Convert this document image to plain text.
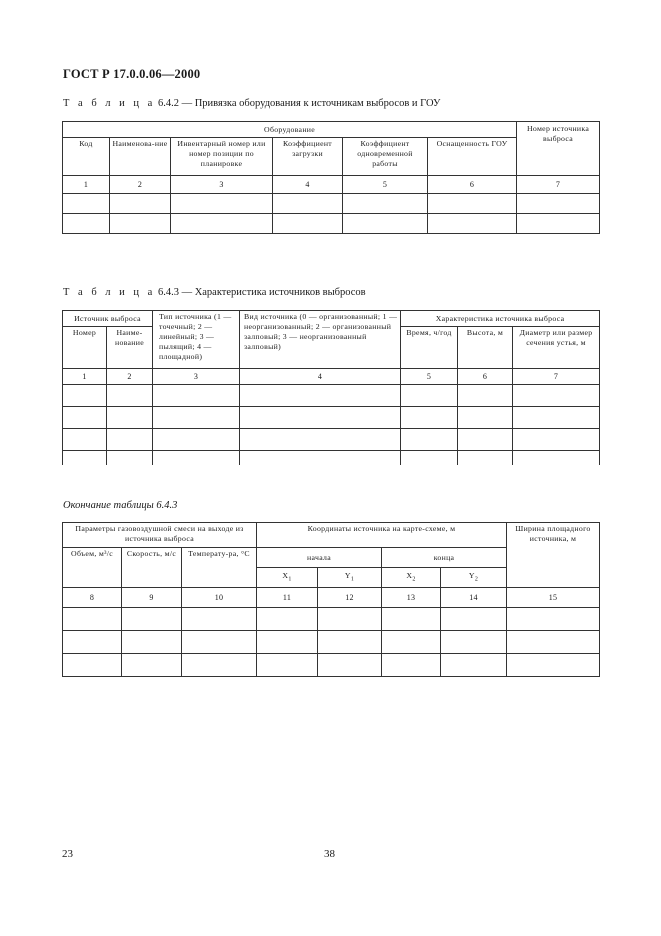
ГОСТ Р 17.0.0.06—2000
Т а б л и ц а 6.4.2 — Привязка оборудования к источникам выбросов и ГОУ
Оборудование						Номер источника выброса
Код	Наименова-ние	Инвентарный номер или номер позиции по планировке	Коэффициент загрузки	Коэффициент одновременной работы	Оснащенность ГОУ	
1	2	3	4	5	6	7

Т а б л и ц а 6.4.3 — Характеристика источников выбросов
Источник выброса		Тип источника (1 — точечный; 2 — линейный; 3 — пылящий; 4 — площадной)	Вид источника (0 — организованный; 1 — неорганизованный; 2 — организованный залповый; 3 — неорганизованный залповый)	Характеристика источника выброса		
Номер	Наиме-нование			Время, ч/год	Высота, м	Диаметр или размер сечения устья, м
1	2	3	4	5	6	7

Окончание таблицы 6.4.3
Параметры газовоздушной смеси на выходе из источника выброса			Координаты источника на карте-схеме, м				Ширина площадного источника, м
Объем, м³/с	Скорость, м/с	Температу-ра, °С	начала		конца		
			$X_1$	$Y_1$	$X_2$	$Y_2$
8	9	10	11	12	13	14	15

23	38
